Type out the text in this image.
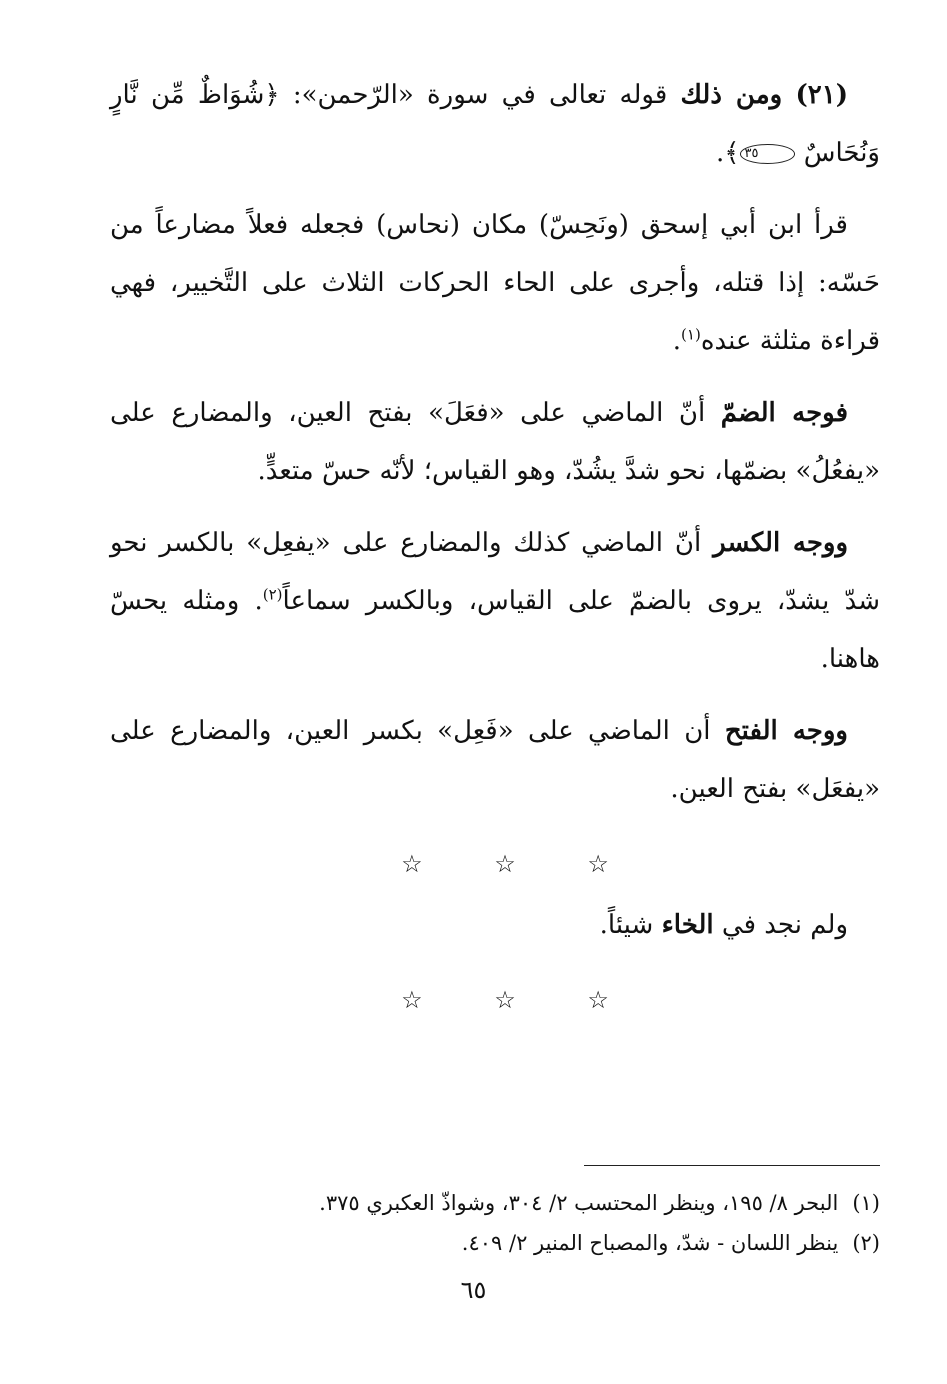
(٢١) ومن ذلك قوله تعالى في سورة «الرّحمن»: ﴿شُوَاظٌ مِّن نَّارٍ وَنُحَاسٌ ٣٥﴾.

قرأ ابن أبي إسحق (ونَحِسّ) مكان (نحاس) فجعله فعلاً مضارعاً من حَسّه: إذا قتله، وأجرى على الحاء الحركات الثلاث على التَّخيير، فهي قراءة مثلثة عنده$^{(١)}$.

فوجه الضمّ أنّ الماضي على «فعَلَ» بفتح العين، والمضارع على «يفعُلُ» بضمّها، نحو شدَّ يشُدّ، وهو القياس؛ لأنّه حسّ متعدٍّ.

ووجه الكسر أنّ الماضي كذلك والمضارع على «يفعِل» بالكسر نحو شدّ يشدّ، يروى بالضمّ على القياس، وبالكسر سماعاً$^{(٢)}$. ومثله يحسّ هاهنا.

ووجه الفتح أن الماضي على «فَعِل» بكسر العين، والمضارع على «يفعَل» بفتح العين.

☆ ☆ ☆

ولم نجد في الخاء شيئاً.

☆ ☆ ☆

(١)البحر ٨/ ١٩٥، وينظر المحتسب ٢/ ٣٠٤، وشواذّ العكبري ٣٧٥.

(٢)ينظر اللسان - شدّ، والمصباح المنير ٢/ ٤٠٩.

٦٥
